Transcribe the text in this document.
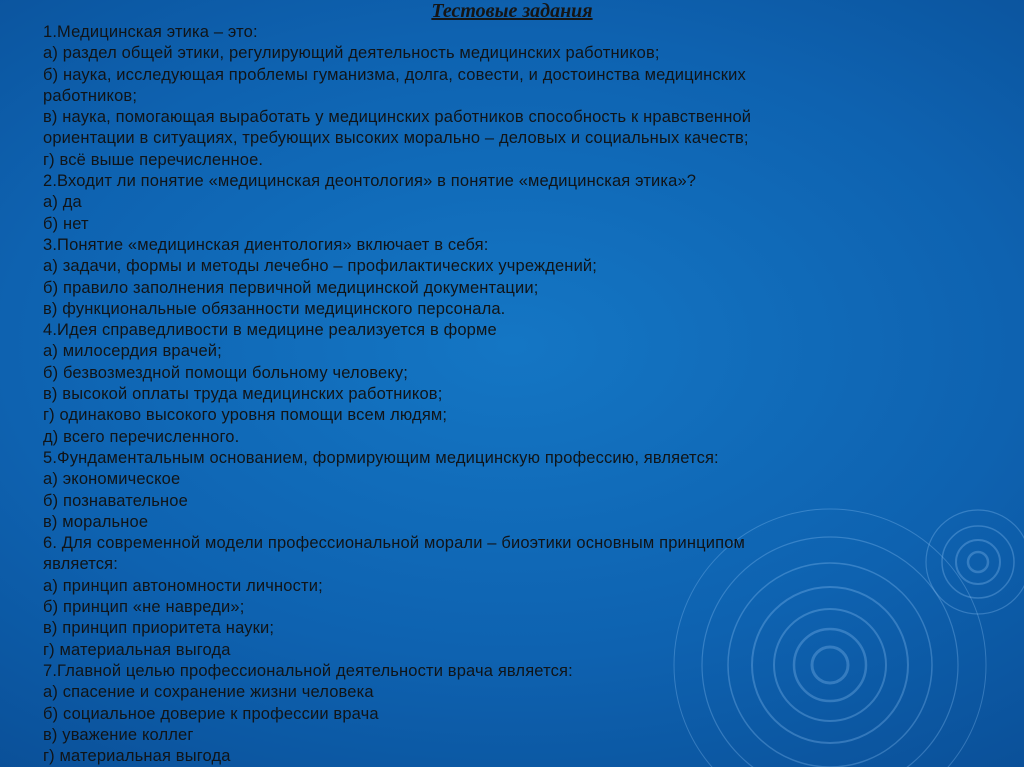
Тестовые задания
1.Медицинская этика – это:
а) раздел общей этики, регулирующий деятельность медицинских работников;
б) наука, исследующая проблемы гуманизма, долга, совести, и достоинства медицинских
работников;
в) наука, помогающая выработать у медицинских работников способность к нравственной
ориентации в ситуациях, требующих высоких морально – деловых и социальных качеств;
г) всё выше перечисленное.
2.Входит ли понятие «медицинская деонтология» в понятие «медицинская этика»?
а) да
б) нет
3.Понятие «медицинская диентология» включает в себя:
а) задачи, формы и методы лечебно – профилактических учреждений;
б) правило заполнения первичной медицинской документации;
в) функциональные обязанности медицинского персонала.
4.Идея справедливости в медицине реализуется в форме
а) милосердия врачей;
б) безвозмездной помощи больному человеку;
в) высокой оплаты труда медицинских работников;
г) одинаково высокого уровня помощи всем людям;
д) всего перечисленного.
5.Фундаментальным основанием, формирующим медицинскую профессию, является:
а) экономическое
б) познавательное
в) моральное
6. Для современной модели профессиональной морали – биоэтики основным принципом
является:
а) принцип автономности личности;
б) принцип «не навреди»;
в) принцип приоритета науки;
г) материальная выгода
7.Главной целью профессиональной деятельности врача является:
а) спасение и сохранение жизни человека
б) социальное доверие к профессии врача
в) уважение коллег
г) материальная выгода
